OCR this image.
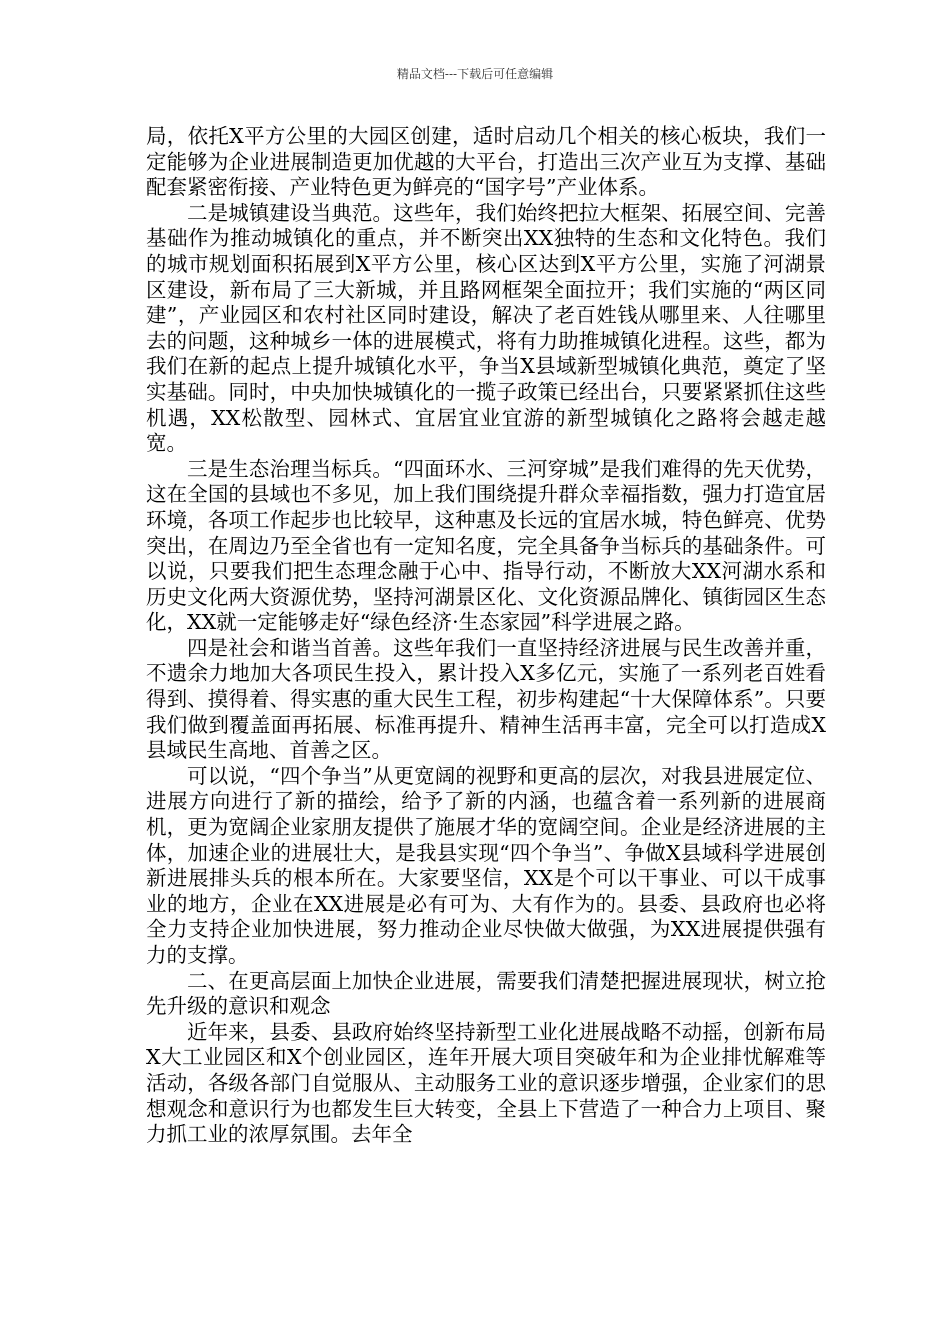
精品文档---下载后可任意编辑

局，依托X平方公里的大园区创建，适时启动几个相关的核心板块，我们一定能够为企业进展制造更加优越的大平台，打造出三次产业互为支撑、基础配套紧密衔接、产业特色更为鲜亮的“国字号”产业体系。

二是城镇建设当典范。这些年，我们始终把拉大框架、拓展空间、完善基础作为推动城镇化的重点，并不断突出XX独特的生态和文化特色。我们的城市规划面积拓展到X平方公里，核心区达到X平方公里，实施了河湖景区建设，新布局了三大新城，并且路网框架全面拉开；我们实施的“两区同建”，产业园区和农村社区同时建设，解决了老百姓钱从哪里来、人往哪里去的问题，这种城乡一体的进展模式，将有力助推城镇化进程。这些，都为我们在新的起点上提升城镇化水平，争当X县域新型城镇化典范，奠定了坚实基础。同时，中央加快城镇化的一揽子政策已经出台，只要紧紧抓住这些机遇，XX松散型、园林式、宜居宜业宜游的新型城镇化之路将会越走越宽。

三是生态治理当标兵。“四面环水、三河穿城”是我们难得的先天优势，这在全国的县域也不多见，加上我们围绕提升群众幸福指数，强力打造宜居环境，各项工作起步也比较早，这种惠及长远的宜居水城，特色鲜亮、优势突出，在周边乃至全省也有一定知名度，完全具备争当标兵的基础条件。可以说，只要我们把生态理念融于心中、指导行动，不断放大XX河湖水系和历史文化两大资源优势，坚持河湖景区化、文化资源品牌化、镇街园区生态化，XX就一定能够走好“绿色经济·生态家园”科学进展之路。

四是社会和谐当首善。这些年我们一直坚持经济进展与民生改善并重，不遗余力地加大各项民生投入，累计投入X多亿元，实施了一系列老百姓看得到、摸得着、得实惠的重大民生工程，初步构建起“十大保障体系”。只要我们做到覆盖面再拓展、标准再提升、精神生活再丰富，完全可以打造成X县域民生高地、首善之区。

可以说，“四个争当”从更宽阔的视野和更高的层次，对我县进展定位、进展方向进行了新的描绘，给予了新的内涵，也蕴含着一系列新的进展商机，更为宽阔企业家朋友提供了施展才华的宽阔空间。企业是经济进展的主体，加速企业的进展壮大，是我县实现“四个争当”、争做X县域科学进展创新进展排头兵的根本所在。大家要坚信，XX是个可以干事业、可以干成事业的地方，企业在XX进展是必有可为、大有作为的。县委、县政府也必将全力支持企业加快进展，努力推动企业尽快做大做强，为XX进展提供强有力的支撑。

二、在更高层面上加快企业进展，需要我们清楚把握进展现状，树立抢先升级的意识和观念

近年来，县委、县政府始终坚持新型工业化进展战略不动摇，创新布局X大工业园区和X个创业园区，连年开展大项目突破年和为企业排忧解难等活动，各级各部门自觉服从、主动服务工业的意识逐步增强，企业家们的思想观念和意识行为也都发生巨大转变，全县上下营造了一种合力上项目、聚力抓工业的浓厚氛围。去年全
